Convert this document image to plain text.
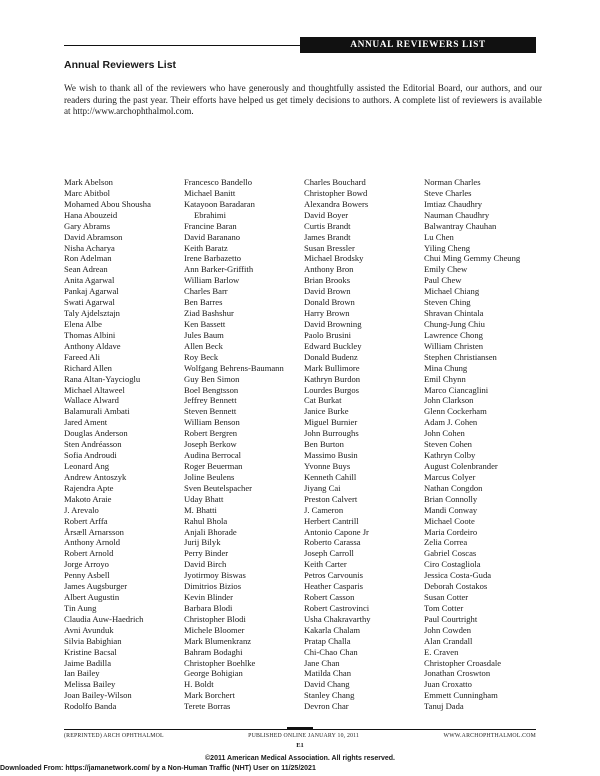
ANNUAL REVIEWERS LIST
Annual Reviewers List

We wish to thank all of the reviewers who have generously and thoughtfully assisted the Editorial Board, our authors, and our readers during the past year. Their efforts have helped us get timely decisions to authors. A complete list of reviewers is available at http://www.archophthalmol.com.

Mark Abelson
Marc Abitbol
Mohamed Abou Shousha
Hana Abouzeid
Gary Abrams
David Abramson
Nisha Acharya
Ron Adelman
Sean Adrean
Anita Agarwal
Pankaj Agarwal
Swati Agarwal
Taly Ajdelsztajn
Elena Albe
Thomas Albini
Anthony Aldave
Fareed Ali
Richard Allen
Rana Altan-Yaycioglu
Michael Altaweel
Wallace Alward
Balamurali Ambati
Jared Ament
Douglas Anderson
Sten Andréasson
Sofia Androudi
Leonard Ang
Andrew Antoszyk
Rajendra Apte
Makoto Araie
J. Arevalo
Robert Arffa
Årsæll Arnarsson
Anthony Arnold
Robert Arnold
Jorge Arroyo
Penny Asbell
James Augsburger
Albert Augustin
Tin Aung
Claudia Auw-Haedrich
Avni Avunduk
Silvia Babighian
Kristine Bacsal
Jaime Badilla
Ian Bailey
Melissa Bailey
Joan Bailey-Wilson
Rodolfo Banda
Francesco Bandello
Michael Banitt
Katayoon Baradaran
Ebrahimi
Francine Baran
David Baranano
Keith Baratz
Irene Barbazetto
Ann Barker-Griffith
William Barlow
Charles Barr
Ben Barres
Ziad Bashshur
Ken Bassett
Jules Baum
Allen Beck
Roy Beck
Wolfgang Behrens-Baumann
Guy Ben Simon
Boel Bengtsson
Jeffrey Bennett
Steven Bennett
William Benson
Robert Bergren
Joseph Berkow
Audina Berrocal
Roger Beuerman
Joline Beulens
Sven Beutelspacher
Uday Bhatt
M. Bhatti
Rahul Bhola
Anjali Bhorade
Jurij Bilyk
Perry Binder
David Birch
Jyotirmoy Biswas
Dimitrios Bizios
Kevin Blinder
Barbara Blodi
Christopher Blodi
Michele Bloomer
Mark Blumenkranz
Bahram Bodaghi
Christopher Boehlke
George Bohigian
H. Boldt
Mark Borchert
Terete Borras
Charles Bouchard
Christopher Bowd
Alexandra Bowers
David Boyer
Curtis Brandt
James Brandt
Susan Bressler
Michael Brodsky
Anthony Bron
Brian Brooks
David Brown
Donald Brown
Harry Brown
David Browning
Paolo Brusini
Edward Buckley
Donald Budenz
Mark Bullimore
Kathryn Burdon
Lourdes Burgos
Cat Burkat
Janice Burke
Miguel Burnier
John Burroughs
Ben Burton
Massimo Busin
Yvonne Buys
Kenneth Cahill
Jiyang Cai
Preston Calvert
J. Cameron
Herbert Cantrill
Antonio Capone Jr
Roberto Carassa
Joseph Carroll
Keith Carter
Petros Carvounis
Heather Casparis
Robert Casson
Robert Castrovinci
Usha Chakravarthy
Kakarla Chalam
Pratap Challa
Chi-Chao Chan
Jane Chan
Matilda Chan
David Chang
Stanley Chang
Devron Char
Norman Charles
Steve Charles
Imtiaz Chaudhry
Nauman Chaudhry
Balwantray Chauhan
Lu Chen
Yiling Cheng
Chui Ming Gemmy Cheung
Emily Chew
Paul Chew
Michael Chiang
Steven Ching
Shravan Chintala
Chung-Jung Chiu
Lawrence Chong
William Christen
Stephen Christiansen
Mina Chung
Emil Chynn
Marco Ciancaglini
John Clarkson
Glenn Cockerham
Adam J. Cohen
John Cohen
Steven Cohen
Kathryn Colby
August Colenbrander
Marcus Colyer
Nathan Congdon
Brian Connolly
Mandi Conway
Michael Coote
Maria Cordeiro
Zelia Correa
Gabriel Coscas
Ciro Costagliola
Jessica Costa-Guda
Deborah Costakos
Susan Cotter
Tom Cotter
Paul Courtright
John Cowden
Alan Crandall
E. Craven
Christopher Croasdale
Jonathan Croswton
Juan Croxatto
Emmett Cunningham
Tanuj Dada
(REPRINTED) ARCH OPHTHALMOL	PUBLISHED ONLINE JANUARY 10, 2011	WWW.ARCHOPHTHALMOL.COM
E1
©2011 American Medical Association. All rights reserved.
Downloaded From: https://jamanetwork.com/ by a Non-Human Traffic (NHT) User on 11/25/2021
